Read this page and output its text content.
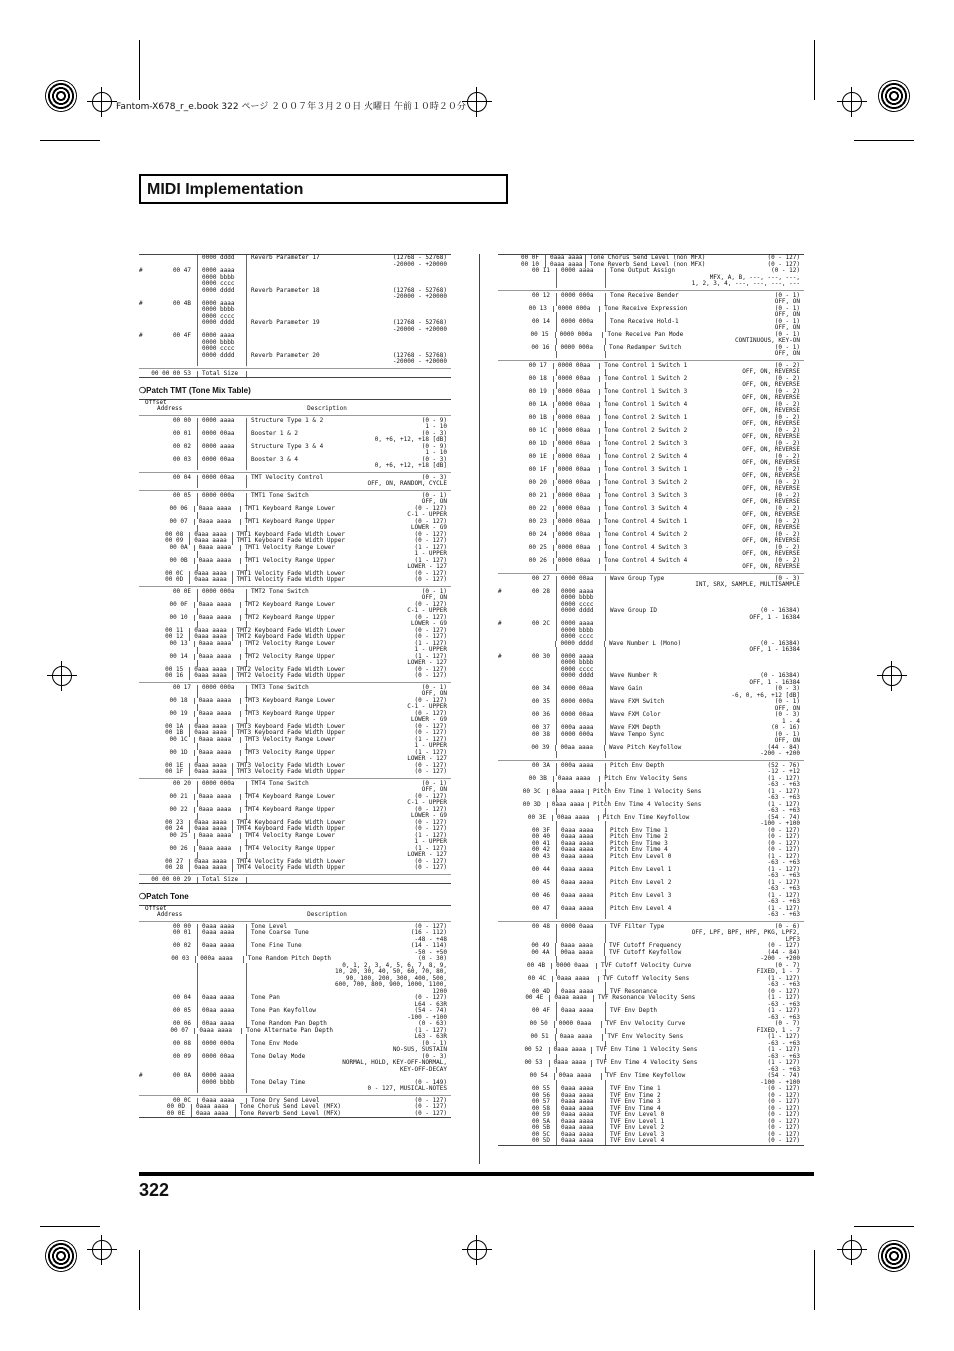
Fantom-X678_r_e.book 322 ページ ２００７年３月２０日 火曜日 午前１０時２０分
MIDI Implementation
0000 dddd	Reverb Parameter 17	(12768 - 52768)
-20000 - +20000
#	00 47	0000 aaaa
0000 bbbb
0000 cccc
0000 dddd	Reverb Parameter 18	(12768 - 52768)
-20000 - +20000
#	00 4B	0000 aaaa
0000 bbbb
0000 cccc
0000 dddd	Reverb Parameter 19	(12768 - 52768)
-20000 - +20000
#	00 4F	0000 aaaa
0000 bbbb
0000 cccc
0000 dddd	Reverb Parameter 20	(12768 - 52768)
-20000 - +20000
00 00 00 53	Total Size
❍Patch TMT (Tone Mix Table)
Offset
Address	Description
00 00	0000 aaaa	Structure Type 1 & 2	(0 - 9)
1 - 10
00 01	0000 00aa	Booster 1 & 2	(0 - 3)
0, +6, +12, +18 [dB]
00 02	0000 aaaa	Structure Type 3 & 4	(0 - 9)
1 - 10
00 03	0000 00aa	Booster 3 & 4	(0 - 3)
0, +6, +12, +18 [dB]
00 04	0000 00aa	TMT Velocity Control	(0 - 3)
OFF, ON, RANDOM, CYCLE
00 05	0000 000a	TMT1 Tone Switch	(0 - 1)
OFF, ON
00 06	0aaa aaaa	TMT1 Keyboard Range Lower	(0 - 127)
C-1 - UPPER
00 07	0aaa aaaa	TMT1 Keyboard Range Upper	(0 - 127)
LOWER - G9
00 08	0aaa aaaa	TMT1 Keyboard Fade Width Lower	(0 - 127)
00 09	0aaa aaaa	TMT1 Keyboard Fade Width Upper	(0 - 127)
00 0A	0aaa aaaa	TMT1 Velocity Range Lower	(1 - 127)
1 - UPPER
00 0B	0aaa aaaa	TMT1 Velocity Range Upper	(1 - 127)
LOWER - 127
00 0C	0aaa aaaa	TMT1 Velocity Fade Width Lower	(0 - 127)
00 0D	0aaa aaaa	TMT1 Velocity Fade Width Upper	(0 - 127)
00 0E	0000 000a	TMT2 Tone Switch	(0 - 1)
OFF, ON
00 0F	0aaa aaaa	TMT2 Keyboard Range Lower	(0 - 127)
C-1 - UPPER
00 10	0aaa aaaa	TMT2 Keyboard Range Upper	(0 - 127)
LOWER - G9
00 11	0aaa aaaa	TMT2 Keyboard Fade Width Lower	(0 - 127)
00 12	0aaa aaaa	TMT2 Keyboard Fade Width Upper	(0 - 127)
00 13	0aaa aaaa	TMT2 Velocity Range Lower	(1 - 127)
1 - UPPER
00 14	0aaa aaaa	TMT2 Velocity Range Upper	(1 - 127)
LOWER - 127
00 15	0aaa aaaa	TMT2 Velocity Fade Width Lower	(0 - 127)
00 16	0aaa aaaa	TMT2 Velocity Fade Width Upper	(0 - 127)
00 17	0000 000a	TMT3 Tone Switch	(0 - 1)
OFF, ON
00 18	0aaa aaaa	TMT3 Keyboard Range Lower	(0 - 127)
C-1 - UPPER
00 19	0aaa aaaa	TMT3 Keyboard Range Upper	(0 - 127)
LOWER - G9
00 1A	0aaa aaaa	TMT3 Keyboard Fade Width Lower	(0 - 127)
00 1B	0aaa aaaa	TMT3 Keyboard Fade Width Upper	(0 - 127)
00 1C	0aaa aaaa	TMT3 Velocity Range Lower	(1 - 127)
1 - UPPER
00 1D	0aaa aaaa	TMT3 Velocity Range Upper	(1 - 127)
LOWER - 127
00 1E	0aaa aaaa	TMT3 Velocity Fade Width Lower	(0 - 127)
00 1F	0aaa aaaa	TMT3 Velocity Fade Width Upper	(0 - 127)
00 20	0000 000a	TMT4 Tone Switch	(0 - 1)
OFF, ON
00 21	0aaa aaaa	TMT4 Keyboard Range Lower	(0 - 127)
C-1 - UPPER
00 22	0aaa aaaa	TMT4 Keyboard Range Upper	(0 - 127)
LOWER - G9
00 23	0aaa aaaa	TMT4 Keyboard Fade Width Lower	(0 - 127)
00 24	0aaa aaaa	TMT4 Keyboard Fade Width Upper	(0 - 127)
00 25	0aaa aaaa	TMT4 Velocity Range Lower	(1 - 127)
1 - UPPER
00 26	0aaa aaaa	TMT4 Velocity Range Upper	(1 - 127)
LOWER - 127
00 27	0aaa aaaa	TMT4 Velocity Fade Width Lower	(0 - 127)
00 28	0aaa aaaa	TMT4 Velocity Fade Width Upper	(0 - 127)
00 00 00 29	Total Size
❍Patch Tone
Offset
Address	Description
00 00	0aaa aaaa	Tone Level	(0 - 127)
00 01	0aaa aaaa	Tone Coarse Tune	(16 - 112)
-48 - +48
00 02	0aaa aaaa	Tone Fine Tune	(14 - 114)
-50 - +50
00 03	000a aaaa	Tone Random Pitch Depth	(0 - 30)
0, 1, 2, 3, 4, 5, 6, 7, 8, 9,
10, 20, 30, 40, 50, 60, 70, 80,
90, 100, 200, 300, 400, 500,
600, 700, 800, 900, 1000, 1100,
1200
00 04	0aaa aaaa	Tone Pan	(0 - 127)
L64 - 63R
00 05	00aa aaaa	Tone Pan Keyfollow	(54 - 74)
-100 - +100
00 06	00aa aaaa	Tone Random Pan Depth	(0 - 63)
00 07	0aaa aaaa	Tone Alternate Pan Depth	(1 - 127)
L63 - 63R
00 08	0000 000a	Tone Env Mode	(0 - 1)
NO-SUS, SUSTAIN
00 09	0000 00aa	Tone Delay Mode	(0 - 3)
NORMAL, HOLD, KEY-OFF-NORMAL,
KEY-OFF-DECAY
#	00 0A	0000 aaaa
0000 bbbb	Tone Delay Time	(0 - 149)
0 - 127, MUSICAL-NOTES
00 0C	0aaa aaaa	Tone Dry Send Level	(0 - 127)
00 0D	0aaa aaaa	Tone Chorus Send Level (MFX)	(0 - 127)
00 0E	0aaa aaaa	Tone Reverb Send Level (MFX)	(0 - 127)
00 0F	0aaa aaaa	Tone Chorus Send Level (non MFX)	(0 - 127)
00 10	0aaa aaaa	Tone Reverb Send Level (non MFX)	(0 - 127)
00 11	0000 aaaa	Tone Output Assign	(0 - 12)
MFX, A, B, ---, ---, ---,
1, 2, 3, 4, ---, ---, ---, ---
00 12	0000 000a	Tone Receive Bender	(0 - 1)
OFF, ON
00 13	0000 000a	Tone Receive Expression	(0 - 1)
OFF, ON
00 14	0000 000a	Tone Receive Hold-1	(0 - 1)
OFF, ON
00 15	0000 000a	Tone Receive Pan Mode	(0 - 1)
CONTINUOUS, KEY-ON
00 16	0000 000a	Tone Redamper Switch	(0 - 1)
OFF, ON
00 17	0000 00aa	Tone Control 1 Switch 1	(0 - 2)
OFF, ON, REVERSE
00 18	0000 00aa	Tone Control 1 Switch 2	(0 - 2)
OFF, ON, REVERSE
00 19	0000 00aa	Tone Control 1 Switch 3	(0 - 2)
OFF, ON, REVERSE
00 1A	0000 00aa	Tone Control 1 Switch 4	(0 - 2)
OFF, ON, REVERSE
00 1B	0000 00aa	Tone Control 2 Switch 1	(0 - 2)
OFF, ON, REVERSE
00 1C	0000 00aa	Tone Control 2 Switch 2	(0 - 2)
OFF, ON, REVERSE
00 1D	0000 00aa	Tone Control 2 Switch 3	(0 - 2)
OFF, ON, REVERSE
00 1E	0000 00aa	Tone Control 2 Switch 4	(0 - 2)
OFF, ON, REVERSE
00 1F	0000 00aa	Tone Control 3 Switch 1	(0 - 2)
OFF, ON, REVERSE
00 20	0000 00aa	Tone Control 3 Switch 2	(0 - 2)
OFF, ON, REVERSE
00 21	0000 00aa	Tone Control 3 Switch 3	(0 - 2)
OFF, ON, REVERSE
00 22	0000 00aa	Tone Control 3 Switch 4	(0 - 2)
OFF, ON, REVERSE
00 23	0000 00aa	Tone Control 4 Switch 1	(0 - 2)
OFF, ON, REVERSE
00 24	0000 00aa	Tone Control 4 Switch 2	(0 - 2)
OFF, ON, REVERSE
00 25	0000 00aa	Tone Control 4 Switch 3	(0 - 2)
OFF, ON, REVERSE
00 26	0000 00aa	Tone Control 4 Switch 4	(0 - 2)
OFF, ON, REVERSE
00 27	0000 00aa	Wave Group Type	(0 - 3)
INT, SRX, SAMPLE, MULTISAMPLE
#	00 28	0000 aaaa
0000 bbbb
0000 cccc
0000 dddd	Wave Group ID	(0 - 16384)
OFF, 1 - 16384
#	00 2C	0000 aaaa
0000 bbbb
0000 cccc
0000 dddd	Wave Number L (Mono)	(0 - 16384)
OFF, 1 - 16384
#	00 30	0000 aaaa
0000 bbbb
0000 cccc
0000 dddd	Wave Number R	(0 - 16384)
OFF, 1 - 16384
00 34	0000 00aa	Wave Gain	(0 - 3)
-6, 0, +6, +12 [dB]
00 35	0000 000a	Wave FXM Switch	(0 - 1)
OFF, ON
00 36	0000 00aa	Wave FXM Color	(0 - 3)
1 - 4
00 37	000a aaaa	Wave FXM Depth	(0 - 16)
00 38	0000 000a	Wave Tempo Sync	(0 - 1)
OFF, ON
00 39	00aa aaaa	Wave Pitch Keyfollow	(44 - 84)
-200 - +200
00 3A	000a aaaa	Pitch Env Depth	(52 - 76)
-12 - +12
00 3B	0aaa aaaa	Pitch Env Velocity Sens	(1 - 127)
-63 - +63
00 3C	0aaa aaaa	Pitch Env Time 1 Velocity Sens	(1 - 127)
-63 - +63
00 3D	0aaa aaaa	Pitch Env Time 4 Velocity Sens	(1 - 127)
-63 - +63
00 3E	00aa aaaa	Pitch Env Time Keyfollow	(54 - 74)
-100 - +100
00 3F	0aaa aaaa	Pitch Env Time 1	(0 - 127)
00 40	0aaa aaaa	Pitch Env Time 2	(0 - 127)
00 41	0aaa aaaa	Pitch Env Time 3	(0 - 127)
00 42	0aaa aaaa	Pitch Env Time 4	(0 - 127)
00 43	0aaa aaaa	Pitch Env Level 0	(1 - 127)
-63 - +63
00 44	0aaa aaaa	Pitch Env Level 1	(1 - 127)
-63 - +63
00 45	0aaa aaaa	Pitch Env Level 2	(1 - 127)
-63 - +63
00 46	0aaa aaaa	Pitch Env Level 3	(1 - 127)
-63 - +63
00 47	0aaa aaaa	Pitch Env Level 4	(1 - 127)
-63 - +63
00 48	0000 0aaa	TVF Filter Type	(0 - 6)
OFF, LPF, BPF, HPF, PKG, LPF2,
LPF3
00 49	0aaa aaaa	TVF Cutoff Frequency	(0 - 127)
00 4A	00aa aaaa	TVF Cutoff Keyfollow	(44 - 84)
-200 - +200
00 4B	0000 0aaa	TVF Cutoff Velocity Curve	(0 - 7)
FIXED, 1 - 7
00 4C	0aaa aaaa	TVF Cutoff Velocity Sens	(1 - 127)
-63 - +63
00 4D	0aaa aaaa	TVF Resonance	(0 - 127)
00 4E	0aaa aaaa	TVF Resonance Velocity Sens	(1 - 127)
-63 - +63
00 4F	0aaa aaaa	TVF Env Depth	(1 - 127)
-63 - +63
00 50	0000 0aaa	TVF Env Velocity Curve	(0 - 7)
FIXED, 1 - 7
00 51	0aaa aaaa	TVF Env Velocity Sens	(1 - 127)
-63 - +63
00 52	0aaa aaaa	TVF Env Time 1 Velocity Sens	(1 - 127)
-63 - +63
00 53	0aaa aaaa	TVF Env Time 4 Velocity Sens	(1 - 127)
-63 - +63
00 54	00aa aaaa	TVF Env Time Keyfollow	(54 - 74)
-100 - +100
00 55	0aaa aaaa	TVF Env Time 1	(0 - 127)
00 56	0aaa aaaa	TVF Env Time 2	(0 - 127)
00 57	0aaa aaaa	TVF Env Time 3	(0 - 127)
00 58	0aaa aaaa	TVF Env Time 4	(0 - 127)
00 59	0aaa aaaa	TVF Env Level 0	(0 - 127)
00 5A	0aaa aaaa	TVF Env Level 1	(0 - 127)
00 5B	0aaa aaaa	TVF Env Level 2	(0 - 127)
00 5C	0aaa aaaa	TVF Env Level 3	(0 - 127)
00 5D	0aaa aaaa	TVF Env Level 4	(0 - 127)
322
